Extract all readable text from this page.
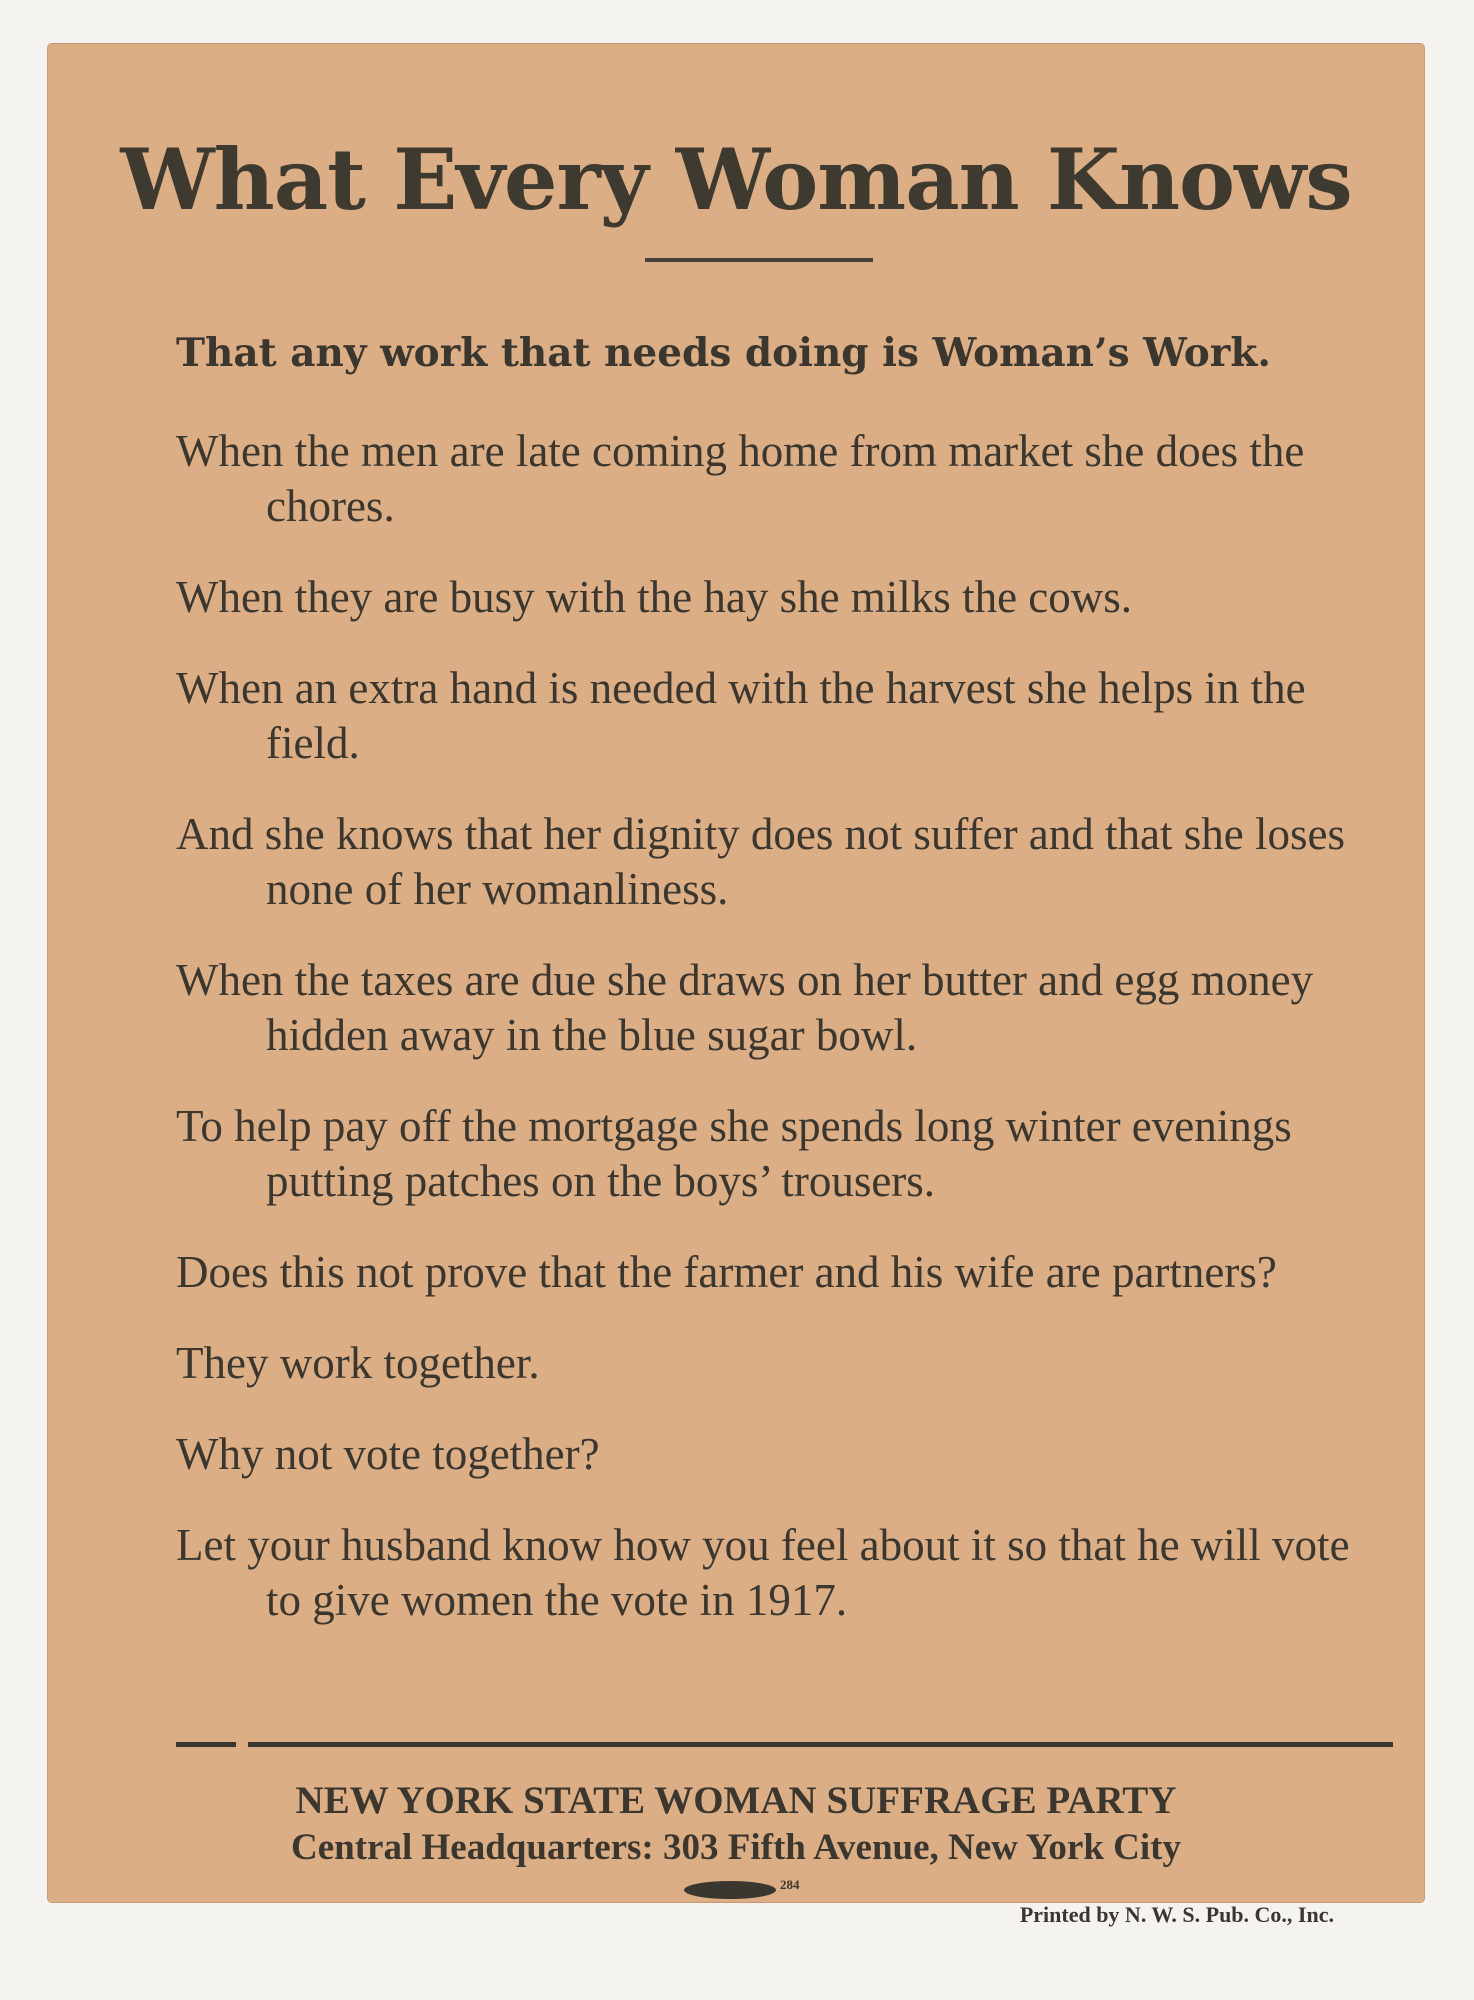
What Every Woman Knows

That any work that needs doing is Woman’s Work.

When the men are late coming home from market she does the chores.

When they are busy with the hay she milks the cows.

When an extra hand is needed with the harvest she helps in the field.

And she knows that her dignity does not suffer and that she loses none of her womanliness.

When the taxes are due she draws on her butter and egg money hidden away in the blue sugar bowl.

To help pay off the mortgage she spends long winter evenings putting patches on the boys’ trousers.

Does this not prove that the farmer and his wife are partners?

They work together.

Why not vote together?

Let your husband know how you feel about it so that he will vote to give women the vote in 1917.

NEW YORK STATE WOMAN SUFFRAGE PARTY

Central Headquarters: 303 Fifth Avenue, New York City

284

Printed by N. W. S. Pub. Co., Inc.
